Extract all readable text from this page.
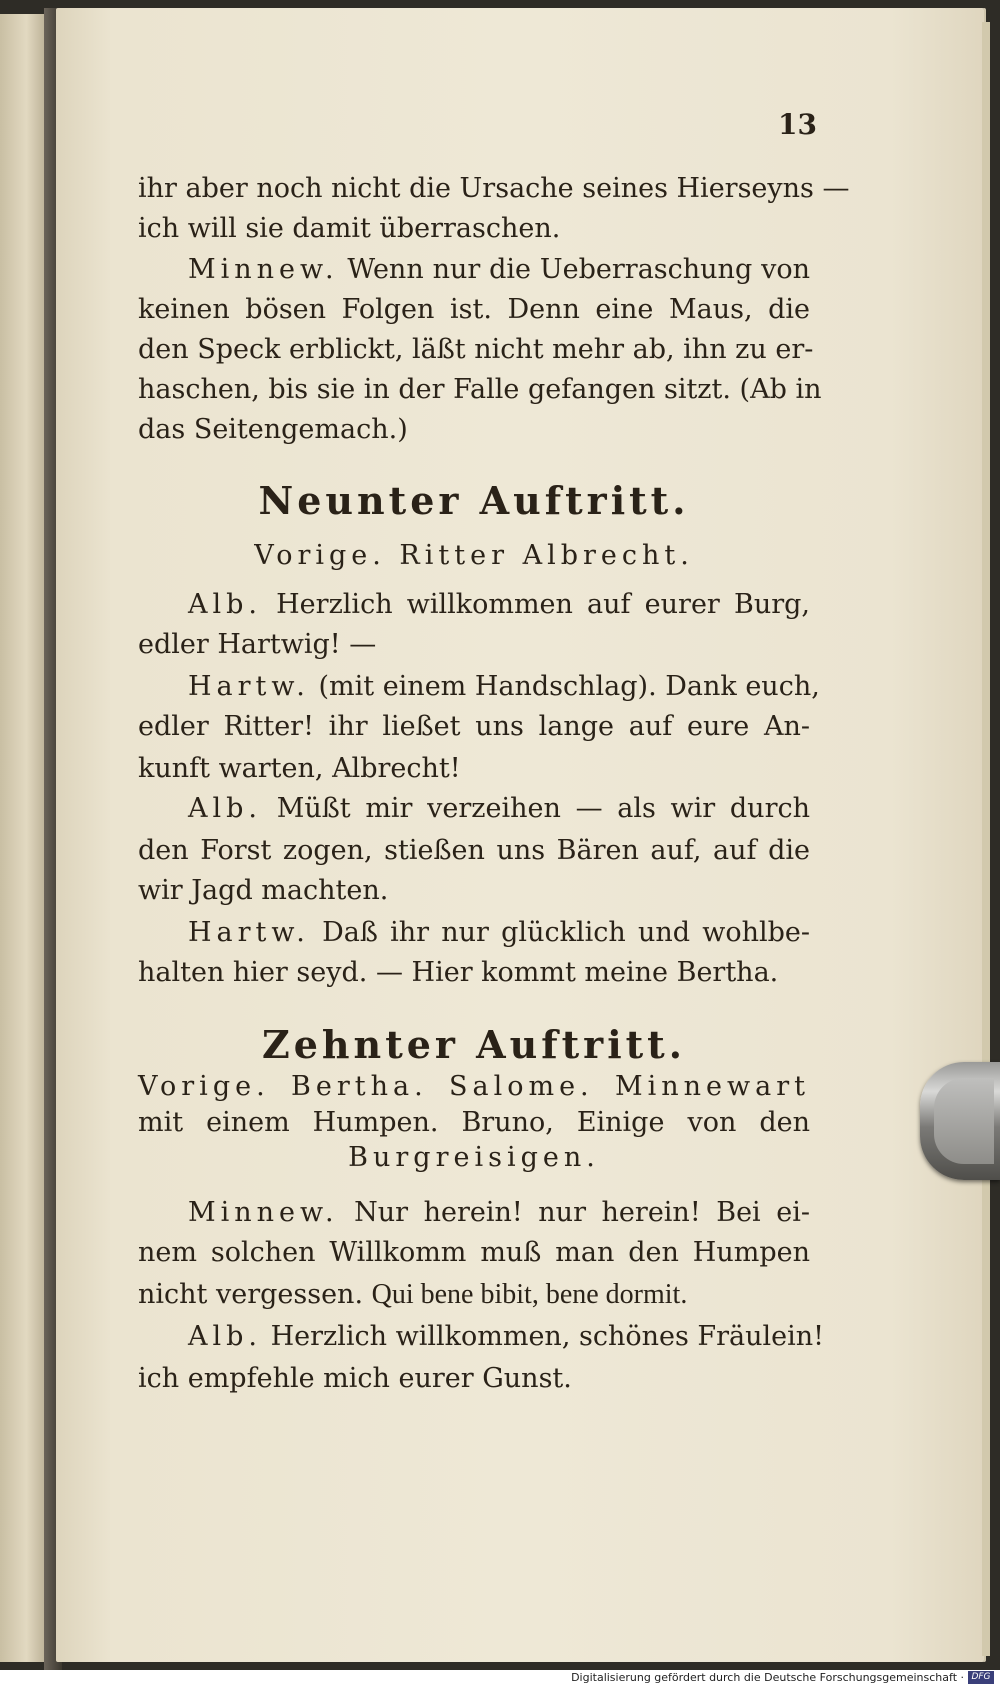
13
ihr aber noch nicht die Ursache seines Hierseyns —
ich will sie damit überraschen.
Minnew. Wenn nur die Ueberraschung von
keinen bösen Folgen ist. Denn eine Maus, die
den Speck erblickt, läßt nicht mehr ab, ihn zu er-
haschen, bis sie in der Falle gefangen sitzt. (Ab in
das Seitengemach.)
Neunter Auftritt.
Vorige. Ritter Albrecht.
Alb. Herzlich willkommen auf eurer Burg,
edler Hartwig! —
Hartw. (mit einem Handschlag). Dank euch,
edler Ritter! ihr ließet uns lange auf eure An-
kunft warten, Albrecht!
Alb. Müßt mir verzeihen — als wir durch
den Forst zogen, stießen uns Bären auf, auf die
wir Jagd machten.
Hartw. Daß ihr nur glücklich und wohlbe-
halten hier seyd. — Hier kommt meine Bertha.
Zehnter Auftritt.
Vorige. Bertha. Salome. Minnewart
mit einem Humpen. Bruno, Einige von den
Burgreisigen.
Minnew. Nur herein! nur herein! Bei ei-
nem solchen Willkomm muß man den Humpen
nicht vergessen. Qui bene bibit, bene dormit.
Alb. Herzlich willkommen, schönes Fräulein!
ich empfehle mich eurer Gunst.
Digitalisierung gefördert durch die Deutsche Forschungsgemeinschaft · DFG
